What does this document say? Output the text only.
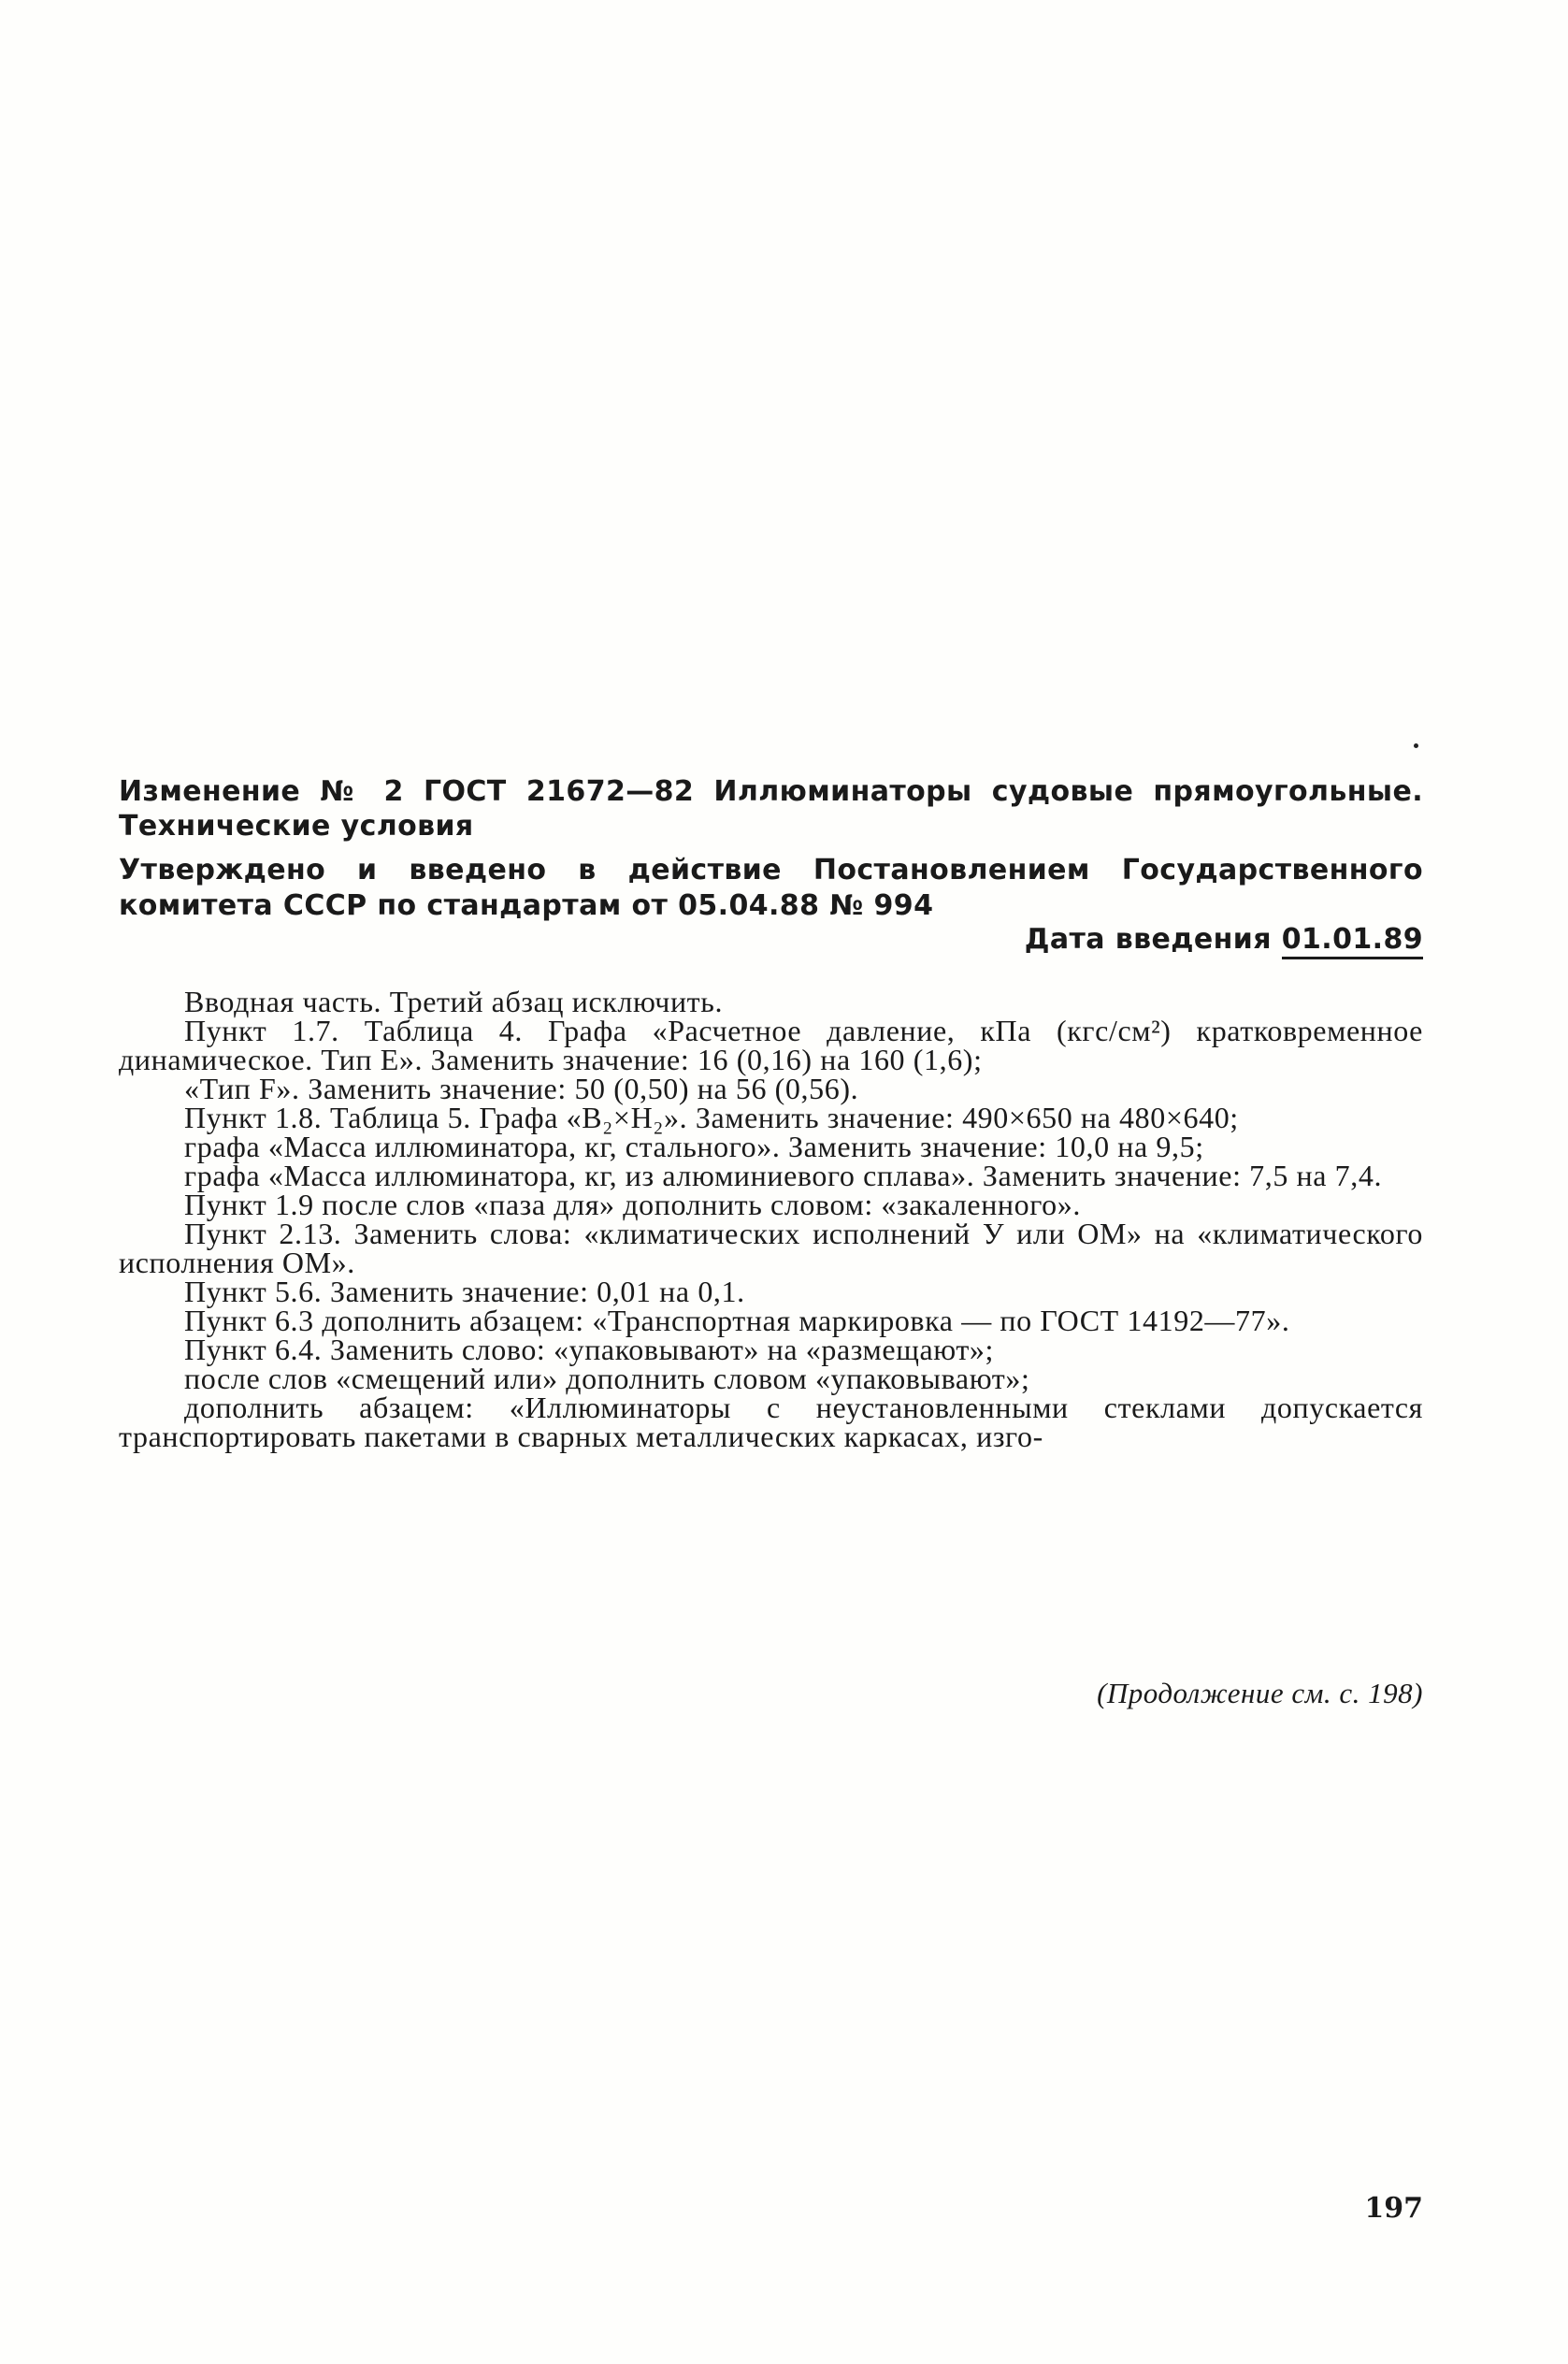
Изменение № 2 ГОСТ 21672—82 Иллюминаторы судовые прямоугольные. Технические условия
Утверждено и введено в действие Постановлением Государственного комитета СССР по стандартам от 05.04.88 № 994
Дата введения 01.01.89

Вводная часть. Третий абзац исключить.

Пункт 1.7. Таблица 4. Графа «Расчетное давление, кПа (кгс/см²) кратковременное динамическое. Тип E». Заменить значение: 16 (0,16) на 160 (1,6);

«Тип F». Заменить значение: 50 (0,50) на 56 (0,56).

Пункт 1.8. Таблица 5. Графа «B₂×H₂». Заменить значение: 490×650 на 480×640;

графа «Масса иллюминатора, кг, стального». Заменить значение: 10,0 на 9,5;

графа «Масса иллюминатора, кг, из алюминиевого сплава». Заменить значение: 7,5 на 7,4.

Пункт 1.9 после слов «паза для» дополнить словом: «закаленного».

Пункт 2.13. Заменить слова: «климатических исполнений У или ОМ» на «климатического исполнения ОМ».

Пункт 5.6. Заменить значение: 0,01 на 0,1.

Пункт 6.3 дополнить абзацем: «Транспортная маркировка — по ГОСТ 14192—77».

Пункт 6.4. Заменить слово: «упаковывают» на «размещают»;

после слов «смещений или» дополнить словом «упаковывают»;

дополнить абзацем: «Иллюминаторы с неустановленными стеклами допускается транспортировать пакетами в сварных металлических каркасах, изго-

(Продолжение см. с. 198)
197
